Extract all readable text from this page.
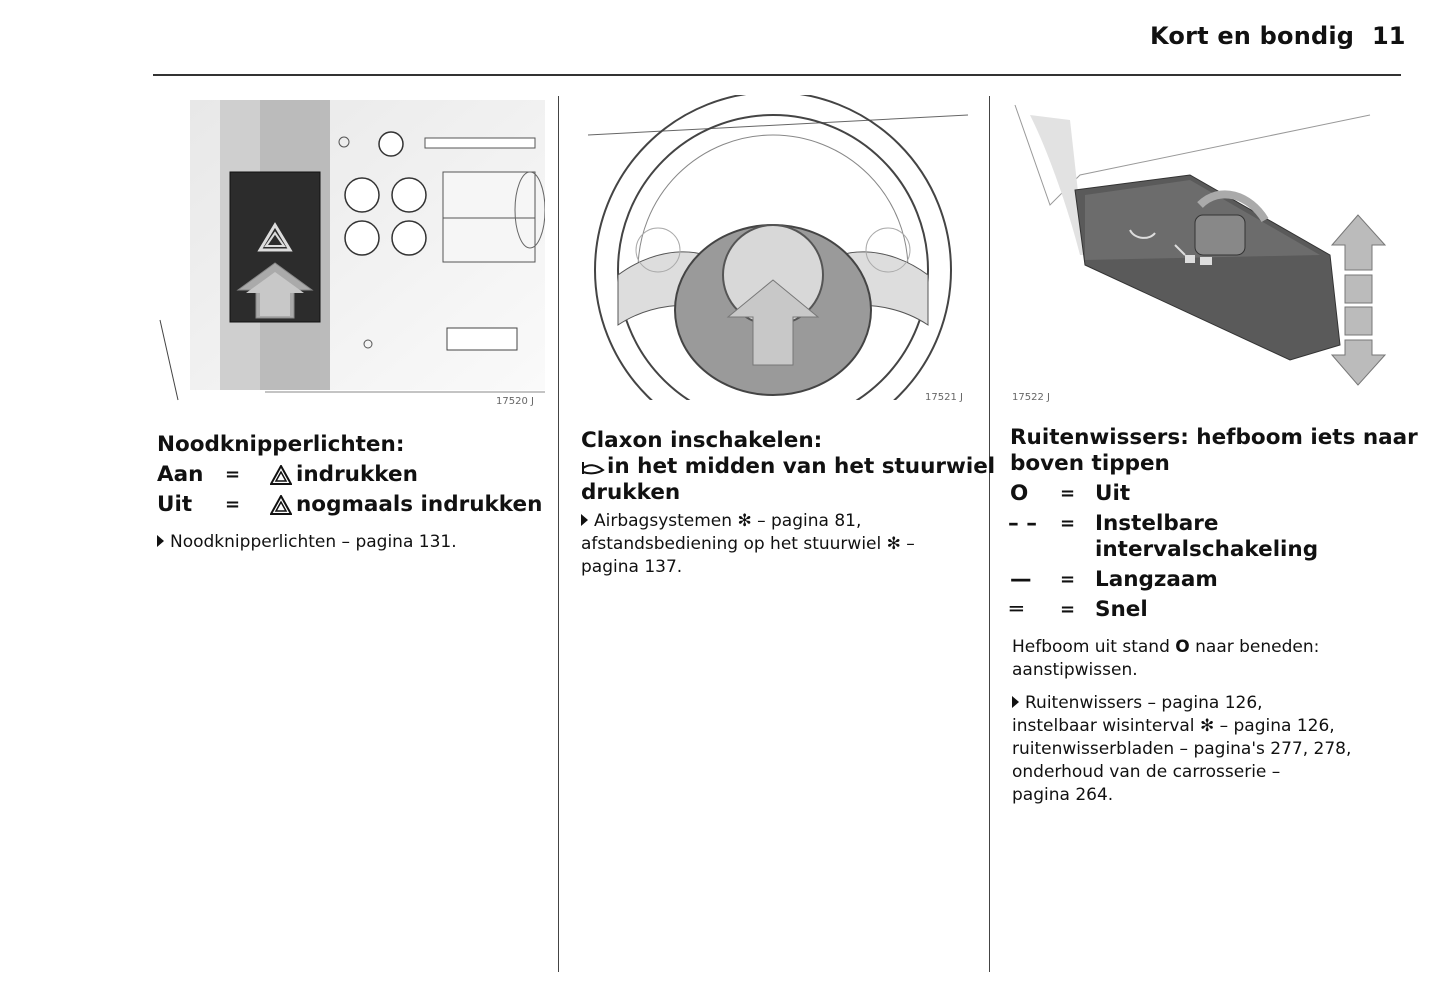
Kort en bondig 11
17520 J	17521 J	17522 J
Noodknipperlichten:
Aan =	indrukken
Uit =	nogmaals indrukken
Noodknipperlichten – pagina 131.
Claxon inschakelen:
in het midden van het stuurwiel
drukken
Airbagsystemen ✻ – pagina 81,
afstandsbediening op het stuurwiel ✻ –
pagina 137.
Ruitenwissers: hefboom iets naar
boven tippen
O = Uit
– – = Instelbare
intervalschakeling
— = Langzaam
═ = Snel
Hefboom uit stand O naar beneden:
aanstipwissen.
Ruitenwissers – pagina 126,
instelbaar wisinterval ✻ – pagina 126,
ruitenwisserbladen – pagina's 277, 278,
onderhoud van de carrosserie –
pagina 264.
